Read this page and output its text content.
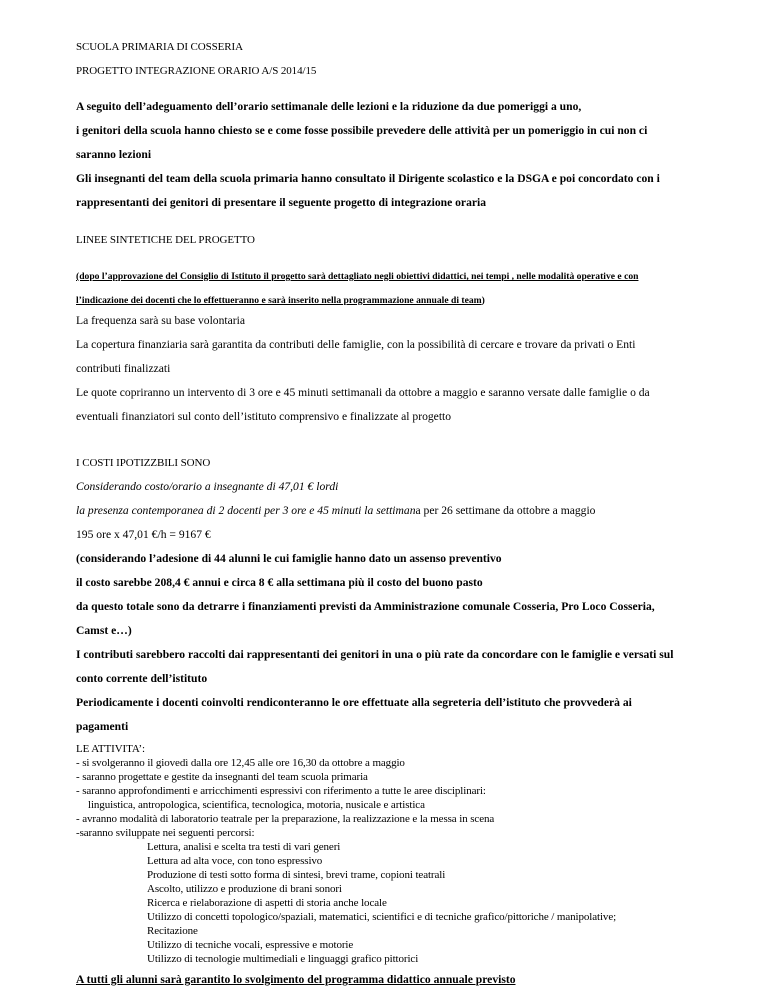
SCUOLA PRIMARIA DI COSSERIA
PROGETTO INTEGRAZIONE ORARIO A/S 2014/15
A seguito dell’adeguamento dell’orario settimanale delle lezioni e la riduzione da due pomeriggi a uno,
i genitori della scuola hanno chiesto se e come fosse possibile prevedere delle attività per un pomeriggio in cui non ci
saranno lezioni
Gli insegnanti del team della scuola primaria hanno consultato il Dirigente scolastico e la DSGA e poi concordato con i
rappresentanti dei genitori di presentare il seguente progetto di integrazione oraria
LINEE SINTETICHE DEL PROGETTO
(dopo l’approvazione del Consiglio di Istituto il progetto sarà dettagliato negli obiettivi didattici, nei tempi , nelle modalità operative e con
l’indicazione dei docenti che lo effettueranno e sarà inserito nella programmazione annuale di team)
La frequenza sarà su base volontaria
La copertura finanziaria sarà garantita da contributi delle famiglie, con la possibilità di cercare e trovare da privati o Enti
contributi finalizzati
Le quote copriranno un intervento di 3 ore e 45 minuti settimanali da ottobre a maggio e saranno versate dalle famiglie o da
eventuali finanziatori sul conto dell’istituto comprensivo e finalizzate al progetto
I COSTI IPOTIZZBILI SONO
Considerando costo/orario a insegnante di 47,01 € lordi
la presenza contemporanea di 2 docenti per 3 ore e 45 minuti la settimana per 26 settimane da ottobre a maggio
195 ore x 47,01 €/h = 9167 €
(considerando l’adesione di 44 alunni le cui famiglie hanno dato un assenso preventivo
il costo sarebbe 208,4 € annui e circa 8 € alla settimana più il costo del buono pasto
da questo totale sono da detrarre i finanziamenti previsti da Amministrazione comunale Cosseria, Pro Loco Cosseria,
Camst e…)
I contributi sarebbero raccolti dai rappresentanti dei genitori in una o più rate da concordare con le famiglie e versati sul
conto corrente dell’istituto
Periodicamente i docenti coinvolti rendiconteranno le ore effettuate alla segreteria dell’istituto che provvederà ai
pagamenti
LE ATTIVITA’:
- si svolgeranno il giovedì dalla ore 12,45 alle ore 16,30 da ottobre a maggio
- saranno progettate e gestite da insegnanti del team scuola primaria
- saranno approfondimenti e arricchimenti espressivi con riferimento a tutte le aree disciplinari:
linguistica, antropologica, scientifica, tecnologica, motoria, nusicale e artistica
- avranno modalità di laboratorio teatrale per la preparazione, la realizzazione e la messa in scena
-saranno sviluppate nei seguenti percorsi:
Lettura, analisi e scelta tra testi di vari generi
Lettura ad alta voce, con tono espressivo
Produzione di testi sotto forma di sintesi, brevi trame, copioni teatrali
Ascolto, utilizzo e produzione di brani sonori
Ricerca e rielaborazione di aspetti di storia anche locale
Utilizzo di concetti topologico/spaziali, matematici, scientifici e di tecniche grafico/pittoriche / manipolative;
Recitazione
Utilizzo di tecniche vocali, espressive e motorie
Utilizzo di tecnologie multimediali e linguaggi grafico pittorici
A tutti gli alunni sarà garantito lo svolgimento del programma didattico annuale previsto
